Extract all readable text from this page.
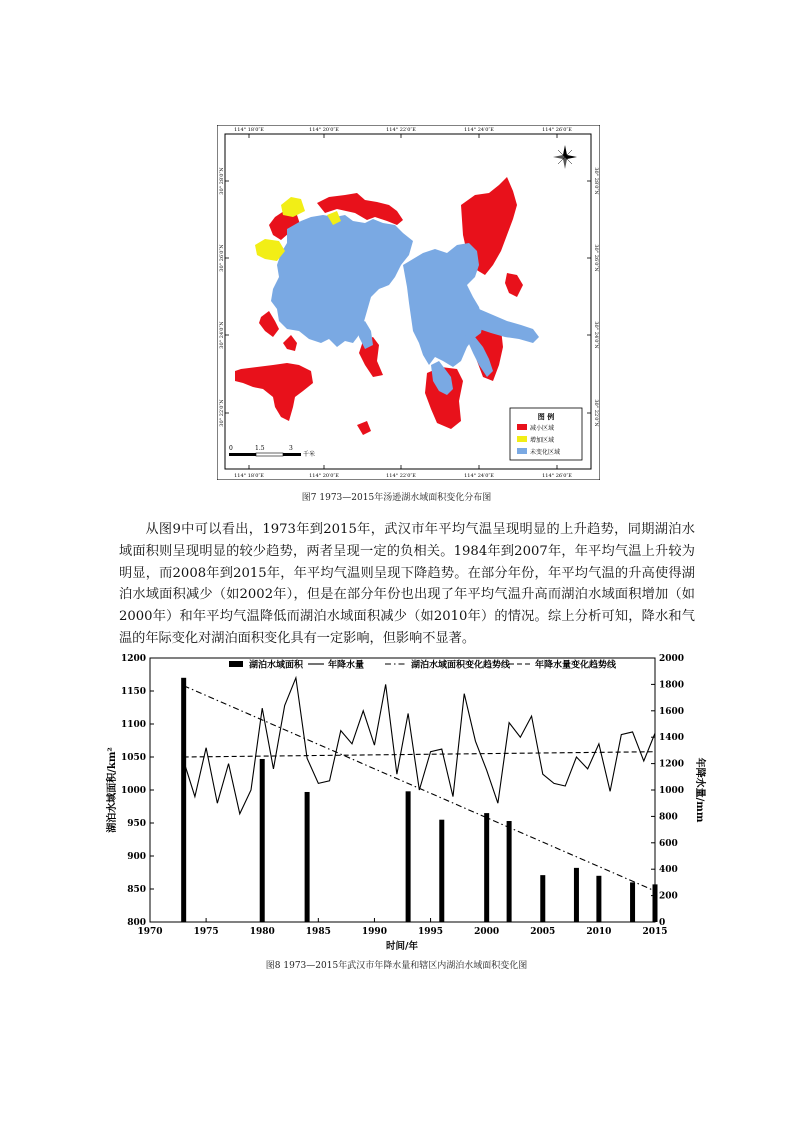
0	1.5	3
千米
图 例
减小区域
增加区域
未变化区域
114° 18′0″E	114° 20′0″E	114° 22′0″E	114° 24′0″E	114° 26′0″E
114° 18′0″E	114° 20′0″E	114° 22′0″E	114° 24′0″E	114° 26′0″E
30° 28′0″N
30° 26′0″N
30° 24′0″N
30° 22′0″N
30° 28′0″N
30° 26′0″N
30° 24′0″N
30° 22′0″N
图7 1973—2015年汤逊湖水域面积变化分布图

从图9中可以看出，1973年到2015年，武汉市年平均气温呈现明显的上升趋势，同期湖泊水域面积则呈现明显的较少趋势，两者呈现一定的负相关。1984年到2007年，年平均气温上升较为明显，而2008年到2015年，年平均气温则呈现下降趋势。在部分年份，年平均气温的升高使得湖泊水域面积减少（如2002年），但是在部分年份也出现了年平均气温升高而湖泊水域面积增加（如2000年）和年平均气温降低而湖泊水域面积减少（如2010年）的情况。综上分析可知，降水和气温的年际变化对湖泊面积变化具有一定影响，但影响不显著。

1970	1975	1980	1985	1990	1995	2000	2005	2010	2015
800
850
900
950
1000
1050
1100
1150
1200
0
200
400
600
800
1000
1200
1400
1600
1800
2000
湖泊水域面积	年降水量	湖泊水域面积变化趋势线	年降水量变化趋势线
时间/年
湖泊水域面积/km²	年降水量/mm
图8 1973—2015年武汉市年降水量和辖区内湖泊水域面积变化图
